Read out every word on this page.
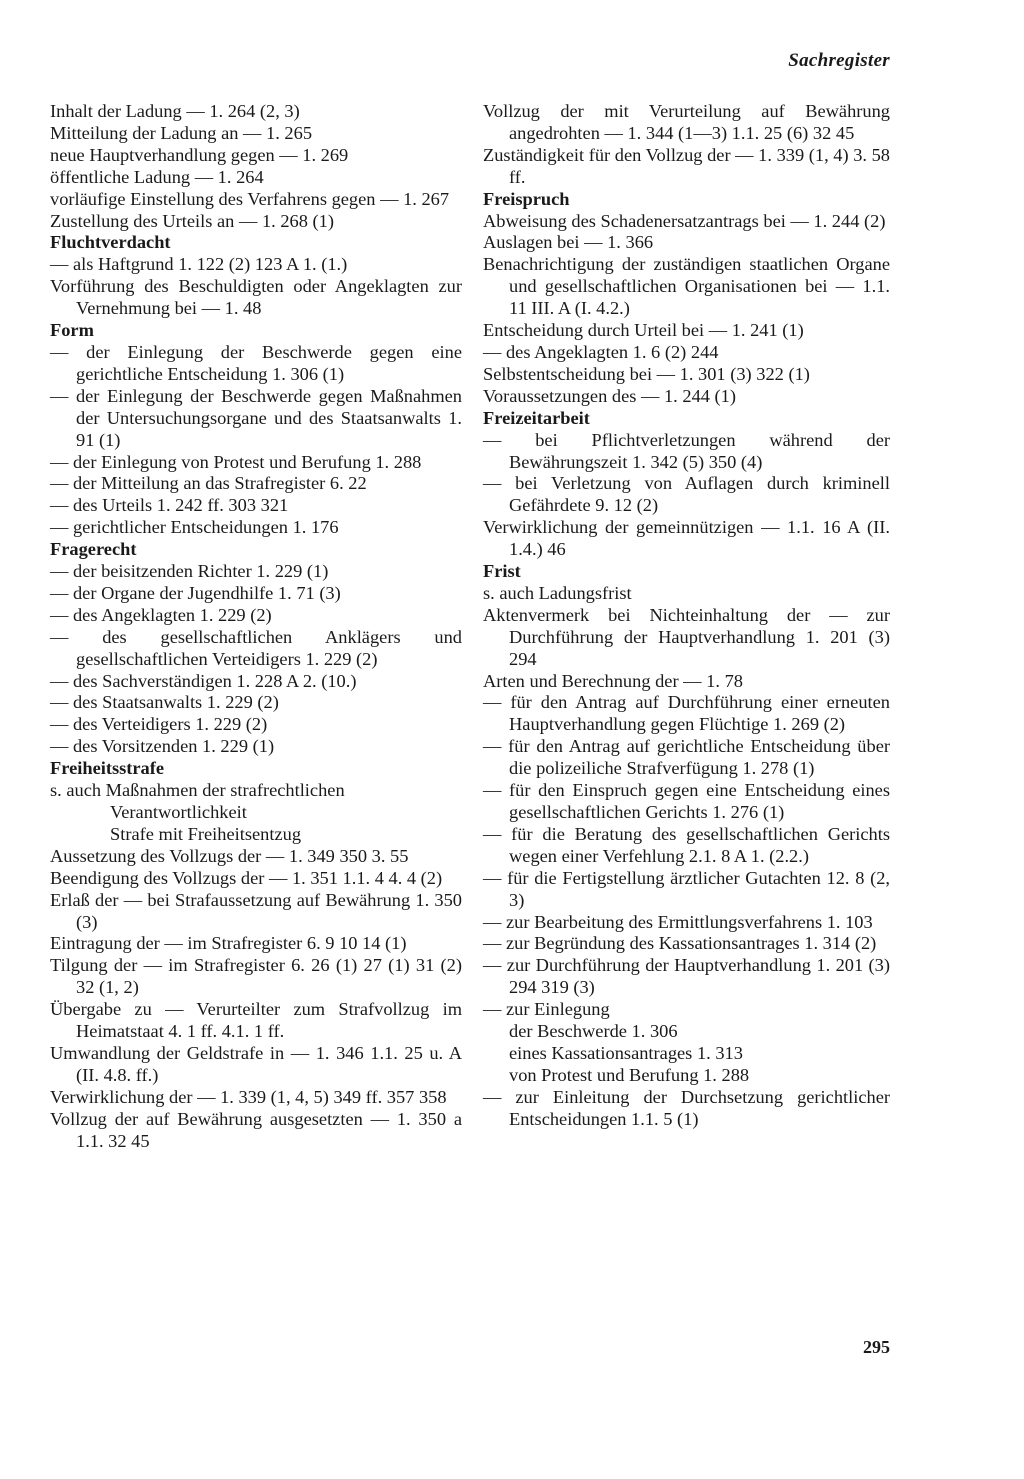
Sachregister

Inhalt der Ladung — 1. 264 (2, 3)

Mitteilung der Ladung an — 1. 265

neue Hauptverhandlung gegen — 1. 269

öffentliche Ladung — 1. 264

vorläufige Einstellung des Verfahrens gegen — 1. 267

Zustellung des Urteils an — 1. 268 (1)

Fluchtverdacht

— als Haftgrund 1. 122 (2) 123 A 1. (1.)

Vorführung des Beschuldigten oder Angeklagten zur Vernehmung bei — 1. 48

Form

— der Einlegung der Beschwerde gegen eine gerichtliche Entscheidung 1. 306 (1)

— der Einlegung der Beschwerde gegen Maßnahmen der Untersuchungsorgane und des Staatsanwalts 1. 91 (1)

— der Einlegung von Protest und Berufung 1. 288

— der Mitteilung an das Strafregister 6. 22

— des Urteils 1. 242 ff. 303 321

— gerichtlicher Entscheidungen 1. 176

Fragerecht

— der beisitzenden Richter 1. 229 (1)

— der Organe der Jugendhilfe 1. 71 (3)

— des Angeklagten 1. 229 (2)

— des gesellschaftlichen Anklägers und gesellschaftlichen Verteidigers 1. 229 (2)

— des Sachverständigen 1. 228 A 2. (10.)

— des Staatsanwalts 1. 229 (2)

— des Verteidigers 1. 229 (2)

— des Vorsitzenden 1. 229 (1)

Freiheitsstrafe

s. auch Maßnahmen der strafrechtlichen

Verantwortlichkeit

Strafe mit Freiheitsentzug

Aussetzung des Vollzugs der — 1. 349 350 3. 55

Beendigung des Vollzugs der — 1. 351 1.1. 4 4. 4 (2)

Erlaß der — bei Strafaussetzung auf Bewährung 1. 350 (3)

Eintragung der — im Strafregister 6. 9 10 14 (1)

Tilgung der — im Strafregister 6. 26 (1) 27 (1) 31 (2) 32 (1, 2)

Übergabe zu — Verurteilter zum Strafvollzug im Heimatstaat 4. 1 ff. 4.1. 1 ff.

Umwandlung der Geldstrafe in — 1. 346 1.1. 25 u. A (II. 4.8. ff.)

Verwirklichung der — 1. 339 (1, 4, 5) 349 ff. 357 358

Vollzug der auf Bewährung ausgesetzten — 1. 350 a 1.1. 32 45

Vollzug der mit Verurteilung auf Bewährung angedrohten — 1. 344 (1—3) 1.1. 25 (6) 32 45

Zuständigkeit für den Vollzug der — 1. 339 (1, 4) 3. 58 ff.

Freispruch

Abweisung des Schadenersatzantrags bei — 1. 244 (2)

Auslagen bei — 1. 366

Benachrichtigung der zuständigen staatlichen Organe und gesellschaftlichen Organisationen bei — 1.1. 11 III. A (I. 4.2.)

Entscheidung durch Urteil bei — 1. 241 (1)

— des Angeklagten 1. 6 (2) 244

Selbstentscheidung bei — 1. 301 (3) 322 (1)

Voraussetzungen des — 1. 244 (1)

Freizeitarbeit

— bei Pflichtverletzungen während der Bewährungszeit 1. 342 (5) 350 (4)

— bei Verletzung von Auflagen durch kriminell Gefährdete 9. 12 (2)

Verwirklichung der gemeinnützigen — 1.1. 16 A (II. 1.4.) 46

Frist

s. auch Ladungsfrist

Aktenvermerk bei Nichteinhaltung der — zur Durchführung der Hauptverhandlung 1. 201 (3) 294

Arten und Berechnung der — 1. 78

— für den Antrag auf Durchführung einer erneuten Hauptverhandlung gegen Flüchtige 1. 269 (2)

— für den Antrag auf gerichtliche Entscheidung über die polizeiliche Strafverfügung 1. 278 (1)

— für den Einspruch gegen eine Entscheidung eines gesellschaftlichen Gerichts 1. 276 (1)

— für die Beratung des gesellschaftlichen Gerichts wegen einer Verfehlung 2.1. 8 A 1. (2.2.)

— für die Fertigstellung ärztlicher Gutachten 12. 8 (2, 3)

— zur Bearbeitung des Ermittlungsverfahrens 1. 103

— zur Begründung des Kassationsantrages 1. 314 (2)

— zur Durchführung der Hauptverhandlung 1. 201 (3) 294 319 (3)

— zur Einlegung

der Beschwerde 1. 306

eines Kassationsantrages 1. 313

von Protest und Berufung 1. 288

— zur Einleitung der Durchsetzung gerichtlicher Entscheidungen 1.1. 5 (1)

295
